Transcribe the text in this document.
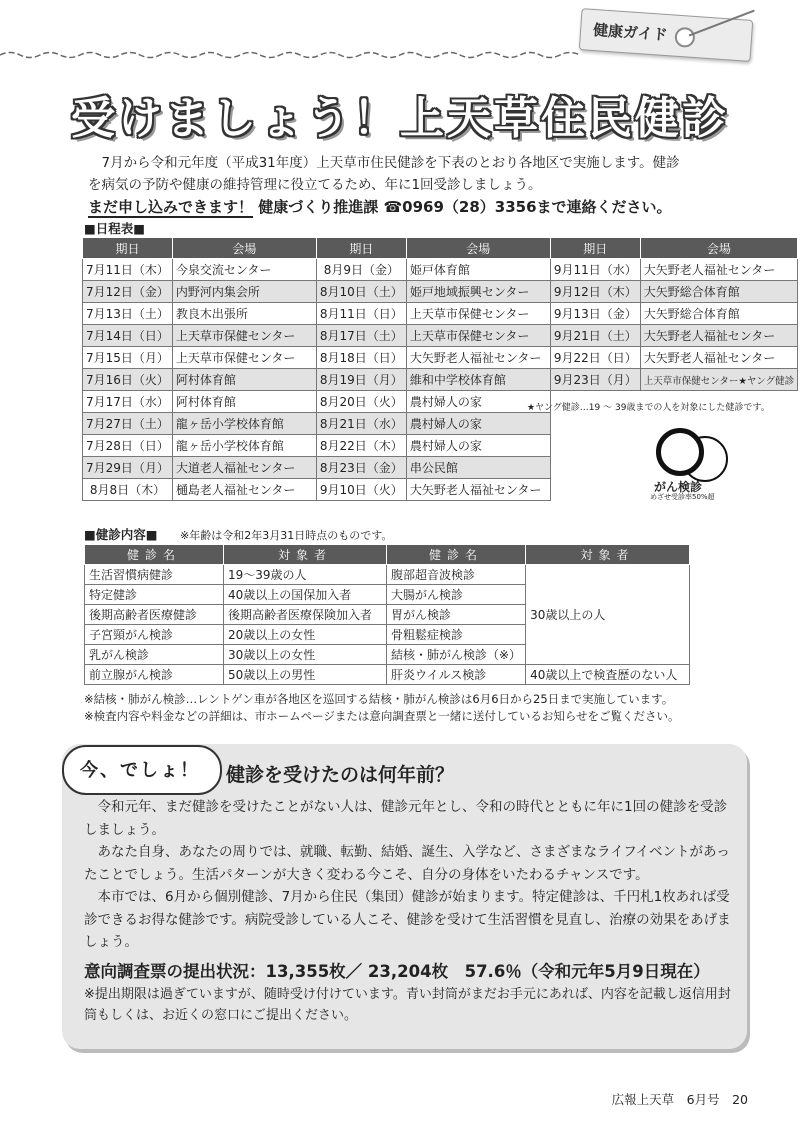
健康ガイド
受けましょう！上天草住民健診

7月から令和元年度（平成31年度）上天草市住民健診を下表のとおり各地区で実施します。健診

を病気の予防や健康の維持管理に役立てるため、年に1回受診しましょう。
まだ申し込みできます！ 健康づくり推進課 ☎0969（28）3356まで連絡ください。
■日程表■
期日	会場	期日	会場	期日	会場
7月11日（木）	今泉交流センター	8月9日（金）	姫戸体育館	9月11日（水）	大矢野老人福祉センター
7月12日（金）	内野河内集会所	8月10日（土）	姫戸地域振興センター	9月12日（木）	大矢野総合体育館
7月13日（土）	教良木出張所	8月11日（日）	上天草市保健センター	9月13日（金）	大矢野総合体育館
7月14日（日）	上天草市保健センター	8月17日（土）	上天草市保健センター	9月21日（土）	大矢野老人福祉センター
7月15日（月）	上天草市保健センター	8月18日（日）	大矢野老人福祉センター	9月22日（日）	大矢野老人福祉センター
7月16日（火）	阿村体育館	8月19日（月）	維和中学校体育館	9月23日（月）	上天草市保健センター★ヤング健診
7月17日（水）	阿村体育館	8月20日（火）	農村婦人の家		
7月27日（土）	龍ヶ岳小学校体育館	8月21日（水）	農村婦人の家		
7月28日（日）	龍ヶ岳小学校体育館	8月22日（木）	農村婦人の家		
7月29日（月）	大道老人福祉センター	8月23日（金）	串公民館		
8月8日（木）	樋島老人福祉センター	9月10日（火）	大矢野老人福祉センター		
★ヤング健診…19 ～ 39歳までの人を対象にした健診です。
がん検診
めざせ受診率50%超
■健診内容■ ※年齢は令和2年3月31日時点のものです。
健診名	対象者	健診名	対象者
生活習慣病健診	19～39歳の人	腹部超音波検診	30歳以上の人
特定健診	40歳以上の国保加入者	大腸がん検診	
後期高齢者医療健診	後期高齢者医療保険加入者	胃がん検診	
子宮頸がん検診	20歳以上の女性	骨粗鬆症検診	
乳がん検診	30歳以上の女性	結核・肺がん検診（※）	
前立腺がん検診	50歳以上の男性	肝炎ウイルス検診	40歳以上で検査歴のない人
※結核・肺がん検診…レントゲン車が各地区を巡回する結核・肺がん検診は6月6日から25日まで実施しています。
※検査内容や料金などの詳細は、市ホームページまたは意向調査票と一緒に送付しているお知らせをご覧ください。
今、でしょ！ 健診を受けたのは何年前？

令和元年、まだ健診を受けたことがない人は、健診元年とし、令和の時代とともに年に1回の健診を受診しましょう。

あなた自身、あなたの周りでは、就職、転勤、結婚、誕生、入学など、さまざまなライフイベントがあったことでしょう。生活パターンが大きく変わる今こそ、自分の身体をいたわるチャンスです。

本市では、6月から個別健診、7月から住民（集団）健診が始まります。特定健診は、千円札1枚あれば受診できるお得な健診です。病院受診している人こそ、健診を受けて生活習慣を見直し、治療の効果をあげましょう。

意向調査票の提出状況：13,355枚／ 23,204枚　57.6％（令和元年5月9日現在）
※提出期限は過ぎていますが、随時受け付けています。青い封筒がまだお手元にあれば、内容を記載し返信用封筒もしくは、お近くの窓口にご提出ください。
広報上天草　6月号　20
